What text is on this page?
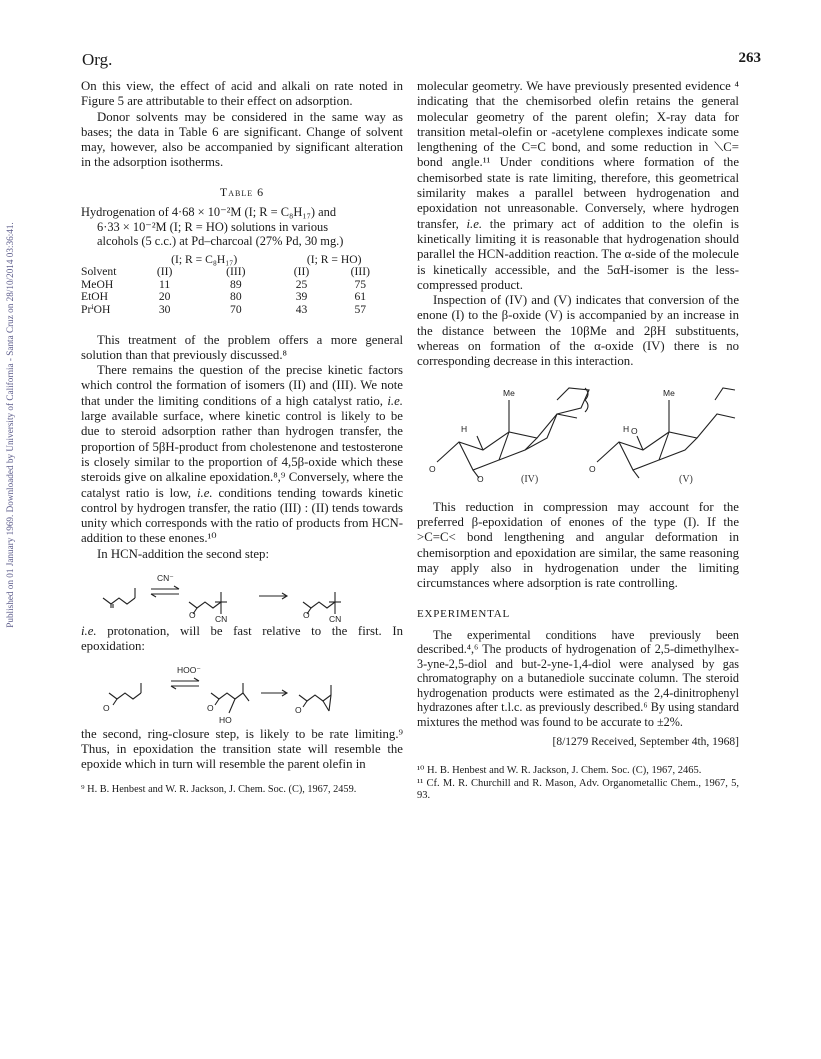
Published on 01 January 1969. Downloaded by University of California - Santa Cruz on 28/10/2014 03:36:41.
Org.	263

On this view, the effect of acid and alkali on rate noted in Figure 5 are attributable to their effect on adsorption.

Donor solvents may be considered in the same way as bases; the data in Table 6 are significant. Change of solvent may, however, also be accompanied by significant alteration in the adsorption isotherms.

Table 6
Hydrogenation of 4·68 × 10⁻²M (I; R = C₈H₁₇) and
6·33 × 10⁻²M (I; R = HO) solutions in various
alcohols (5 c.c.) at Pd–charcoal (27% Pd, 30 mg.)
	(I; R = C₈H₁₇)		(I; R = HO)	
Solvent	(II)	(III)	(II)	(III)
MeOH	11	89	25	75
EtOH	20	80	39	61
PrⁱOH	30	70	43	57

This treatment of the problem offers a more general solution than that previously discussed.⁸

There remains the question of the precise kinetic factors which control the formation of isomers (II) and (III). We note that under the limiting conditions of a high catalyst ratio, i.e. large available surface, where kinetic control is likely to be due to steroid adsorption rather than hydrogen transfer, the proportion of 5βH-product from cholestenone and testosterone is closely similar to the proportion of 4,5β-oxide which these steroids give on alkaline epoxidation.⁸,⁹ Conversely, where the catalyst ratio is low, i.e. conditions tending towards kinetic control by hydrogen transfer, the ratio (III) : (II) tends towards unity which corresponds with the ratio of products from HCN-addition to these enones.¹⁰

In HCN-addition the second step:

CN⁻
CN	CN
O	O

i.e. protonation, will be fast relative to the first. In epoxidation:

HOO⁻
HO
O	O	O

the second, ring-closure step, is likely to be rate limiting.⁹ Thus, in epoxidation the transition state will resemble the epoxide which in turn will resemble the parent olefin in

⁹ H. B. Henbest and W. R. Jackson, J. Chem. Soc. (C), 1967, 2459.

molecular geometry. We have previously presented evidence ⁴ indicating that the chemisorbed olefin retains the general molecular geometry of the parent olefin; X-ray data for transition metal-olefin or -acetylene complexes indicate some lengthening of the C=C bond, and some reduction in ⟍C= bond angle.¹¹ Under conditions where formation of the chemisorbed state is rate limiting, therefore, this geometrical similarity makes a parallel between hydrogenation and epoxidation not unreasonable. Conversely, where hydrogen transfer, i.e. the primary act of addition to the olefin is kinetically limiting it is reasonable that hydrogenation should parallel the HCN-addition reaction. The α-side of the molecule is kinetically accessible, and the 5αH-isomer is the less-compressed product.

Inspection of (IV) and (V) indicates that conversion of the enone (I) to the β-oxide (V) is accompanied by an increase in the distance between the 10βMe and 2βH substituents, whereas on formation of the α-oxide (IV) there is no corresponding decrease in this interaction.

Me
H
(IV)
Me
H
(V)
O
O
O
O

This reduction in compression may account for the preferred β-epoxidation of enones of the type (I). If the >C=C< bond lengthening and angular deformation in chemisorption and epoxidation are similar, the same reasoning may apply also in hydrogenation under the limiting circumstances where adsorption is rate controlling.

EXPERIMENTAL

The experimental conditions have previously been described.⁴,⁶ The products of hydrogenation of 2,5-dimethylhex-3-yne-2,5-diol and but-2-yne-1,4-diol were analysed by gas chromatography on a butanediole succinate column. The steroid hydrogenation products were estimated as the 2,4-dinitrophenyl hydrazones after t.l.c. as previously described.⁶ By using standard mixtures the method was found to be accurate to ±2%.

[8/1279 Received, September 4th, 1968]

¹⁰ H. B. Henbest and W. R. Jackson, J. Chem. Soc. (C), 1967, 2465.

¹¹ Cf. M. R. Churchill and R. Mason, Adv. Organometallic Chem., 1967, 5, 93.
